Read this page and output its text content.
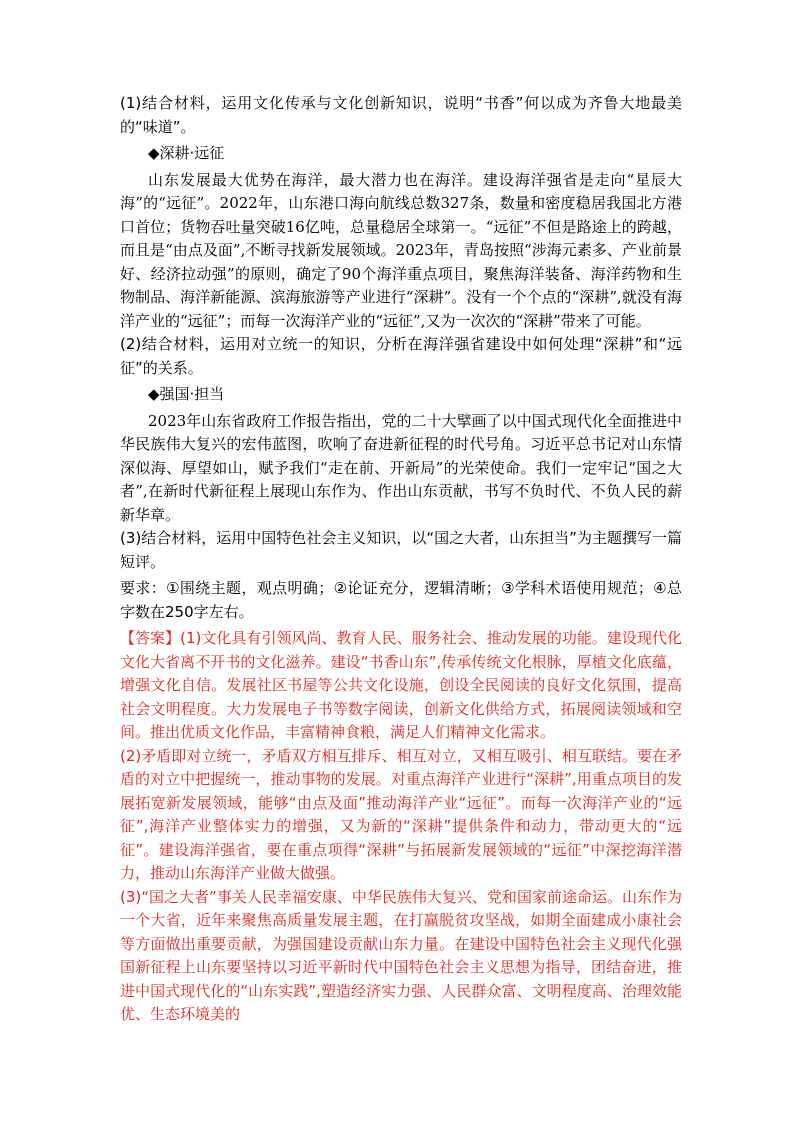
(1)结合材料，运用文化传承与文化创新知识，说明“书香”何以成为齐鲁大地最美的“味道”。

◆深耕·远征

山东发展最大优势在海洋，最大潜力也在海洋。建设海洋强省是走向“星辰大海”的“远征”。2022年，山东港口海向航线总数327条，数量和密度稳居我国北方港口首位；货物吞吐量突破16亿吨，总量稳居全球第一。“远征”不但是路途上的跨越，而且是“由点及面”,不断寻找新发展领域。2023年，青岛按照“涉海元素多、产业前景好、经济拉动强”的原则，确定了90个海洋重点项目，聚焦海洋装备、海洋药物和生物制品、海洋新能源、滨海旅游等产业进行“深耕”。没有一个个点的“深耕”,就没有海洋产业的“远征”；而每一次海洋产业的“远征”,又为一次次的“深耕”带来了可能。

(2)结合材料，运用对立统一的知识，分析在海洋强省建设中如何处理“深耕”和“远征”的关系。

◆强国·担当

2023年山东省政府工作报告指出，党的二十大擘画了以中国式现代化全面推进中华民族伟大复兴的宏伟蓝图，吹响了奋进新征程的时代号角。习近平总书记对山东情深似海、厚望如山，赋予我们“走在前、开新局”的光荣使命。我们一定牢记“国之大者”,在新时代新征程上展现山东作为、作出山东贡献，书写不负时代、不负人民的薪新华章。

(3)结合材料，运用中国特色社会主义知识，以“国之大者，山东担当”为主题撰写一篇短评。

要求：①围绕主题，观点明确；②论证充分，逻辑清晰；③学科术语使用规范；④总字数在250字左右。

【答案】(1)文化具有引领风尚、教育人民、服务社会、推动发展的功能。建设现代化文化大省离不开书的文化滋养。建设“书香山东”,传承传统文化根脉，厚植文化底蕴，增强文化自信。发展社区书屋等公共文化设施，创设全民阅读的良好文化氛围，提高社会文明程度。大力发展电子书等数字阅读，创新文化供给方式，拓展阅读领域和空间。推出优质文化作品，丰富精神食粮，满足人们精神文化需求。

(2)矛盾即对立统一，矛盾双方相互排斥、相互对立，又相互吸引、相互联结。要在矛盾的对立中把握统一，推动事物的发展。对重点海洋产业进行“深耕”,用重点项目的发展拓宽新发展领域，能够“由点及面”推动海洋产业“远征”。而每一次海洋产业的“远征”,海洋产业整体实力的增强，又为新的“深耕”提供条件和动力，带动更大的“远征”。建设海洋强省，要在重点项得“深耕”与拓展新发展领域的“远征”中深挖海洋潜力，推动山东海洋产业做大做强。

(3)“国之大者”事关人民幸福安康、中华民族伟大复兴、党和国家前途命运。山东作为一个大省，近年来聚焦高质量发展主题，在打赢脱贫攻坚战，如期全面建成小康社会等方面做出重要贡献，为强国建设贡献山东力量。在建设中国特色社会主义现代化强国新征程上山东要坚持以习近平新时代中国特色社会主义思想为指导，团结奋进，推进中国式现代化的“山东实践”,塑造经济实力强、人民群众富、文明程度高、治理效能优、生态环境美的
